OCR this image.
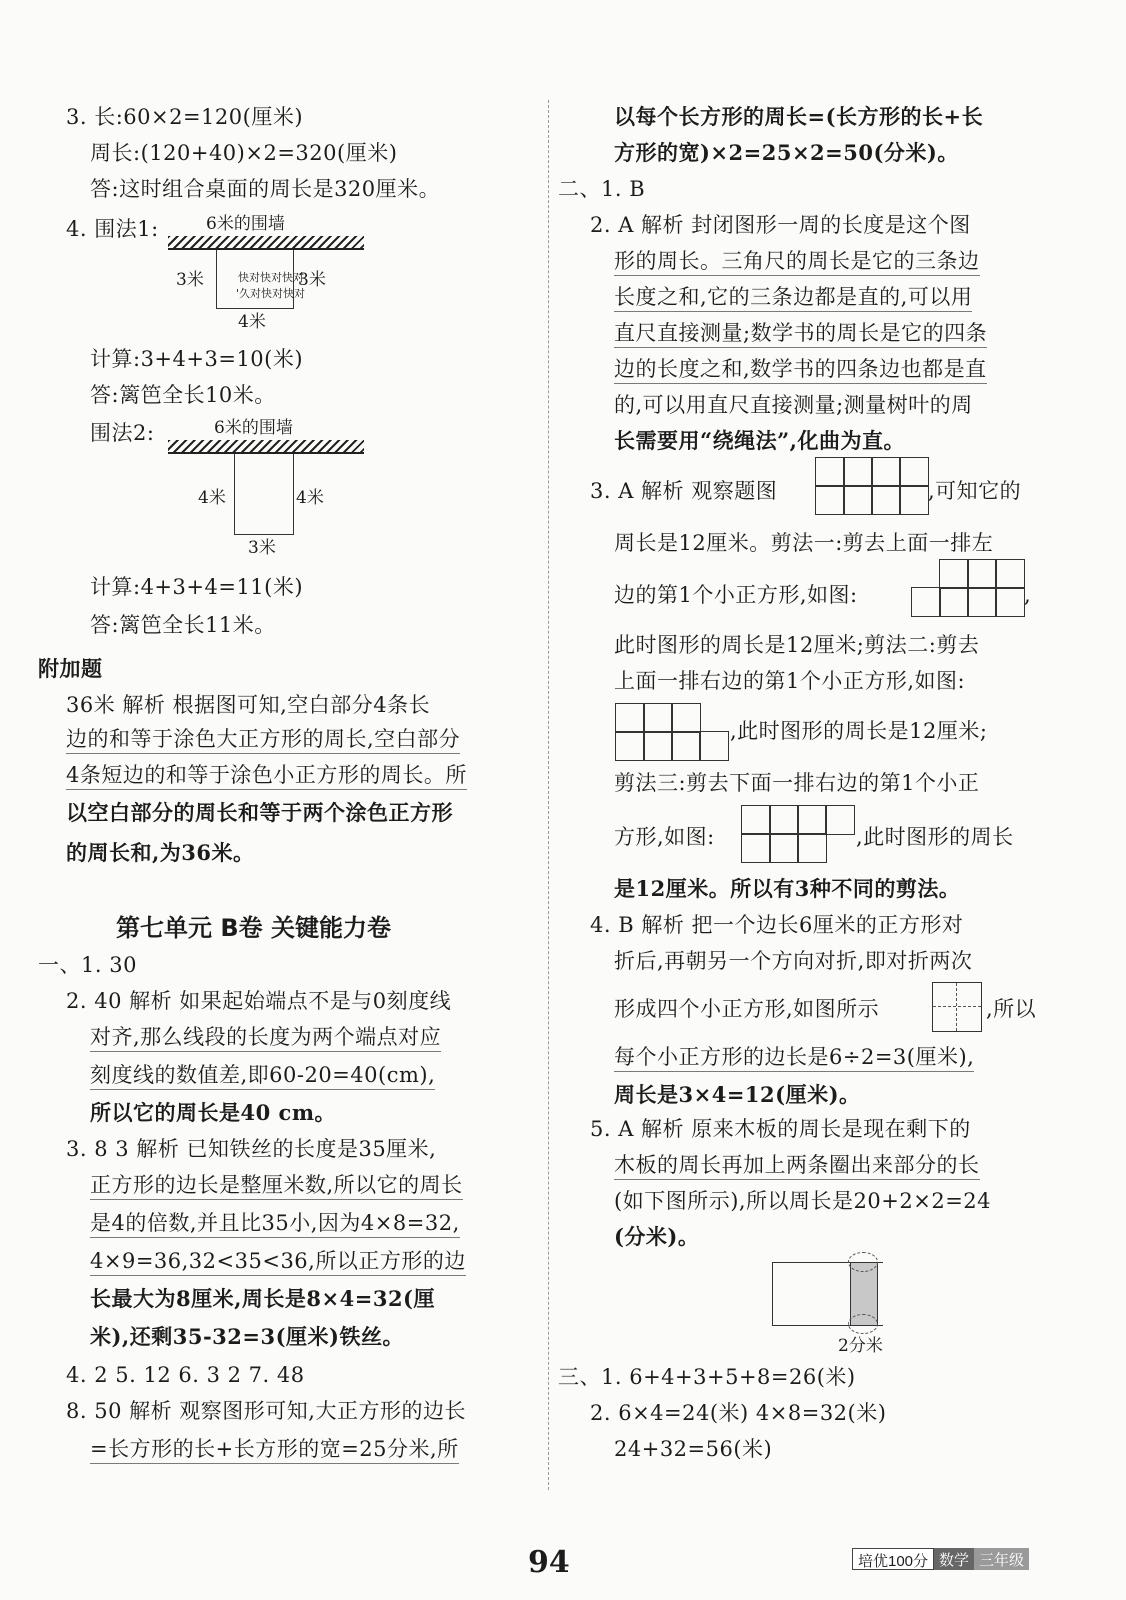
3. 长:60×2=120(厘米)
周长:(120+40)×2=320(厘米)
答:这时组合桌面的周长是320厘米。
4. 围法1:	6米的围墙
3米	3米
快对快对快对
'久对快对快对
4米
计算:3+4+3=10(米)
答:篱笆全长10米。
围法2:	6米的围墙
4米	4米
3米
计算:4+3+4=11(米)
答:篱笆全长11米。
附加题
36米 解析 根据图可知,空白部分4条长
边的和等于涂色大正方形的周长,空白部分
4条短边的和等于涂色小正方形的周长。所
以空白部分的周长和等于两个涂色正方形
的周长和,为36米。
第七单元 B卷 关键能力卷
一、1. 30
2. 40 解析 如果起始端点不是与0刻度线
对齐,那么线段的长度为两个端点对应
刻度线的数值差,即60-20=40(cm),
所以它的周长是40 cm。
3. 8 3 解析 已知铁丝的长度是35厘米,
正方形的边长是整厘米数,所以它的周长
是4的倍数,并且比35小,因为4×8=32,
4×9=36,32<35<36,所以正方形的边
长最大为8厘米,周长是8×4=32(厘
米),还剩35-32=3(厘米)铁丝。
4. 2 5. 12 6. 3 2 7. 48
8. 50 解析 观察图形可知,大正方形的边长
=长方形的长+长方形的宽=25分米,所
以每个长方形的周长=(长方形的长+长
方形的宽)×2=25×2=50(分米)。
二、1. B
2. A 解析 封闭图形一周的长度是这个图
形的周长。三角尺的周长是它的三条边
长度之和,它的三条边都是直的,可以用
直尺直接测量;数学书的周长是它的四条
边的长度之和,数学书的四条边也都是直
的,可以用直尺直接测量;测量树叶的周
长需要用“绕绳法”,化曲为直。
3. A 解析 观察题图	,可知它的
周长是12厘米。剪法一:剪去上面一排左
边的第1个小正方形,如图:	,
此时图形的周长是12厘米;剪法二:剪去
上面一排右边的第1个小正方形,如图:
,此时图形的周长是12厘米;
剪法三:剪去下面一排右边的第1个小正
方形,如图:	,此时图形的周长
是12厘米。所以有3种不同的剪法。
4. B 解析 把一个边长6厘米的正方形对
折后,再朝另一个方向对折,即对折两次
形成四个小正方形,如图所示	,所以
每个小正方形的边长是6÷2=3(厘米),
周长是3×4=12(厘米)。
5. A 解析 原来木板的周长是现在剩下的
木板的周长再加上两条圈出来部分的长
(如下图所示),所以周长是20+2×2=24
(分米)。
2分米
三、1. 6+4+3+5+8=26(米)
2. 6×4=24(米) 4×8=32(米)
24+32=56(米)
94	培优100分 数学 三年级
